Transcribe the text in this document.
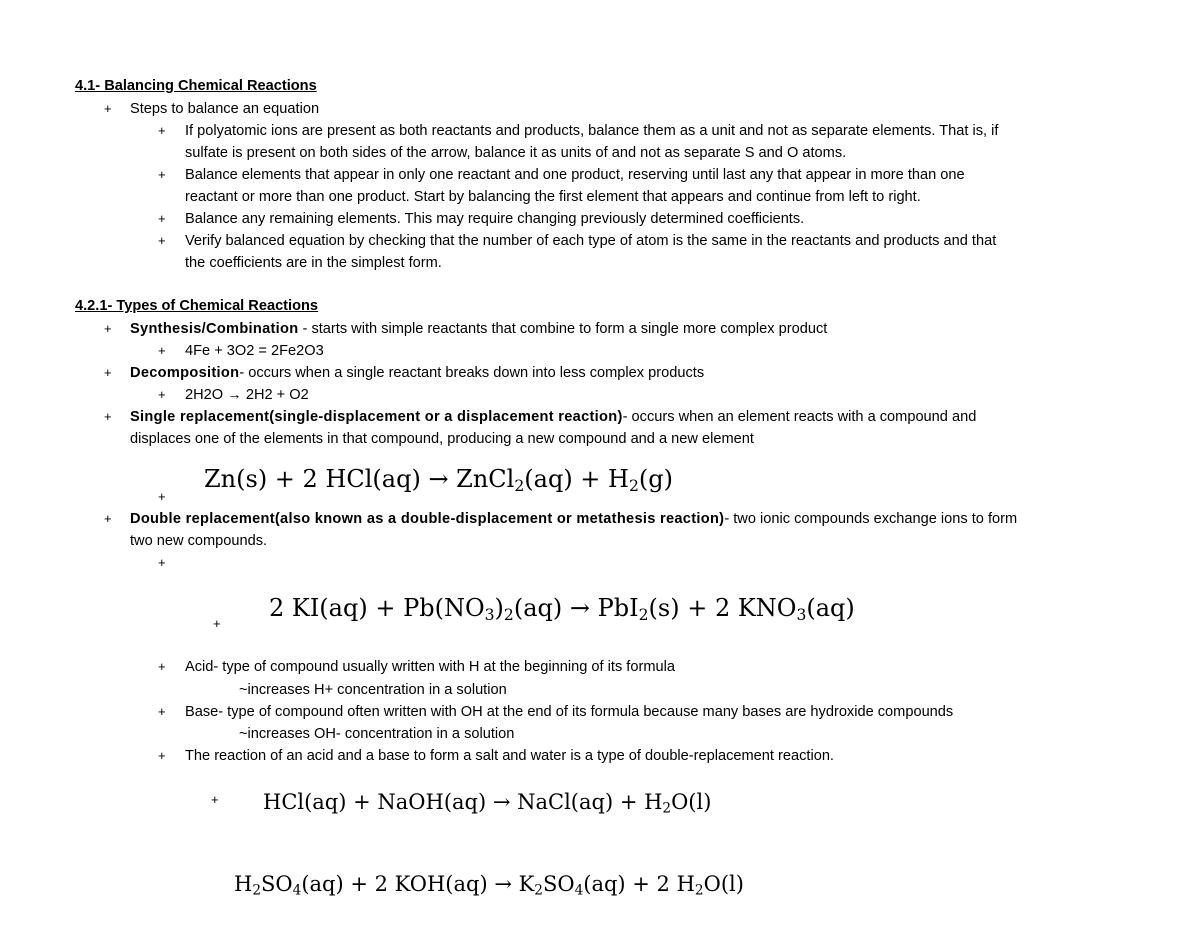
4.1- Balancing Chemical Reactions
+ Steps to balance an equation
+ If polyatomic ions are present as both reactants and products, balance them as a unit and not as separate elements. That is, if
sulfate is present on both sides of the arrow, balance it as units of and not as separate S and O atoms.
+ Balance elements that appear in only one reactant and one product, reserving until last any that appear in more than one
reactant or more than one product. Start by balancing the first element that appears and continue from left to right.
+ Balance any remaining elements. This may require changing previously determined coefficients.
+ Verify balanced equation by checking that the number of each type of atom is the same in the reactants and products and that
the coefficients are in the simplest form.
4.2.1- Types of Chemical Reactions
+ Synthesis/Combination - starts with simple reactants that combine to form a single more complex product
+ 4Fe + 3O2 = 2Fe2O3
+ Decomposition- occurs when a single reactant breaks down into less complex products
+ 2H2O → 2H2 + O2
+ Single replacement(single-displacement or a displacement reaction)- occurs when an element reacts with a compound and
displaces one of the elements in that compound, producing a new compound and a new element
+
Zn(s) + 2 HCl(aq) → ZnCl$_2$(aq) + $H_2(g)$
+ Double replacement(also known as a double-displacement or metathesis reaction)- two ionic compounds exchange ions to form
two new compounds.
+
+
2 $KI(aq) + Pb(NO_3)_2(aq) \to PbI_2(s) + 2$ $KNO_3(aq)$
+ Acid- type of compound usually written with H at the beginning of its formula
~increases H+ concentration in a solution
+ Base- type of compound often written with OH at the end of its formula because many bases are hydroxide compounds
~increases OH- concentration in a solution
+ The reaction of an acid and a base to form a salt and water is a type of double-replacement reaction.
+ HCl(aq) + NaOH(aq) → NaCl(aq) + $H_2O(l)$
$H_2SO_4(aq) + 2$ $KOH(aq) \to K_2SO_4(aq) + 2$ $H_2O(l)$
